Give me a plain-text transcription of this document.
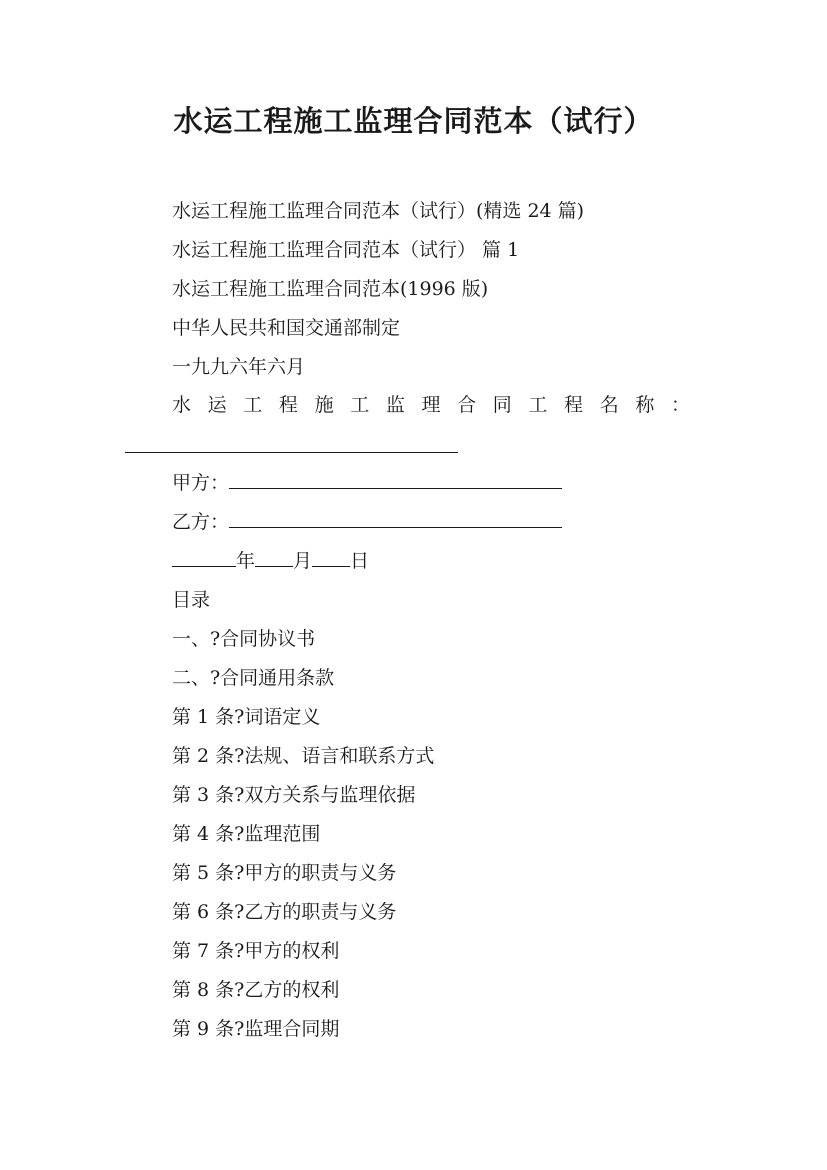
水运工程施工监理合同范本（试行）
水运工程施工监理合同范本（试行）(精选 24 篇)
水运工程施工监理合同范本（试行） 篇 1
水运工程施工监理合同范本(1996 版)
中华人民共和国交通部制定
一九九六年六月
水 运 工 程 施 工 监 理 合 同 工 程 名 称 ：
甲方：
乙方：
年 月 日
目录
一、?合同协议书
二、?合同通用条款
第 1 条?词语定义
第 2 条?法规、语言和联系方式
第 3 条?双方关系与监理依据
第 4 条?监理范围
第 5 条?甲方的职责与义务
第 6 条?乙方的职责与义务
第 7 条?甲方的权利
第 8 条?乙方的权利
第 9 条?监理合同期
